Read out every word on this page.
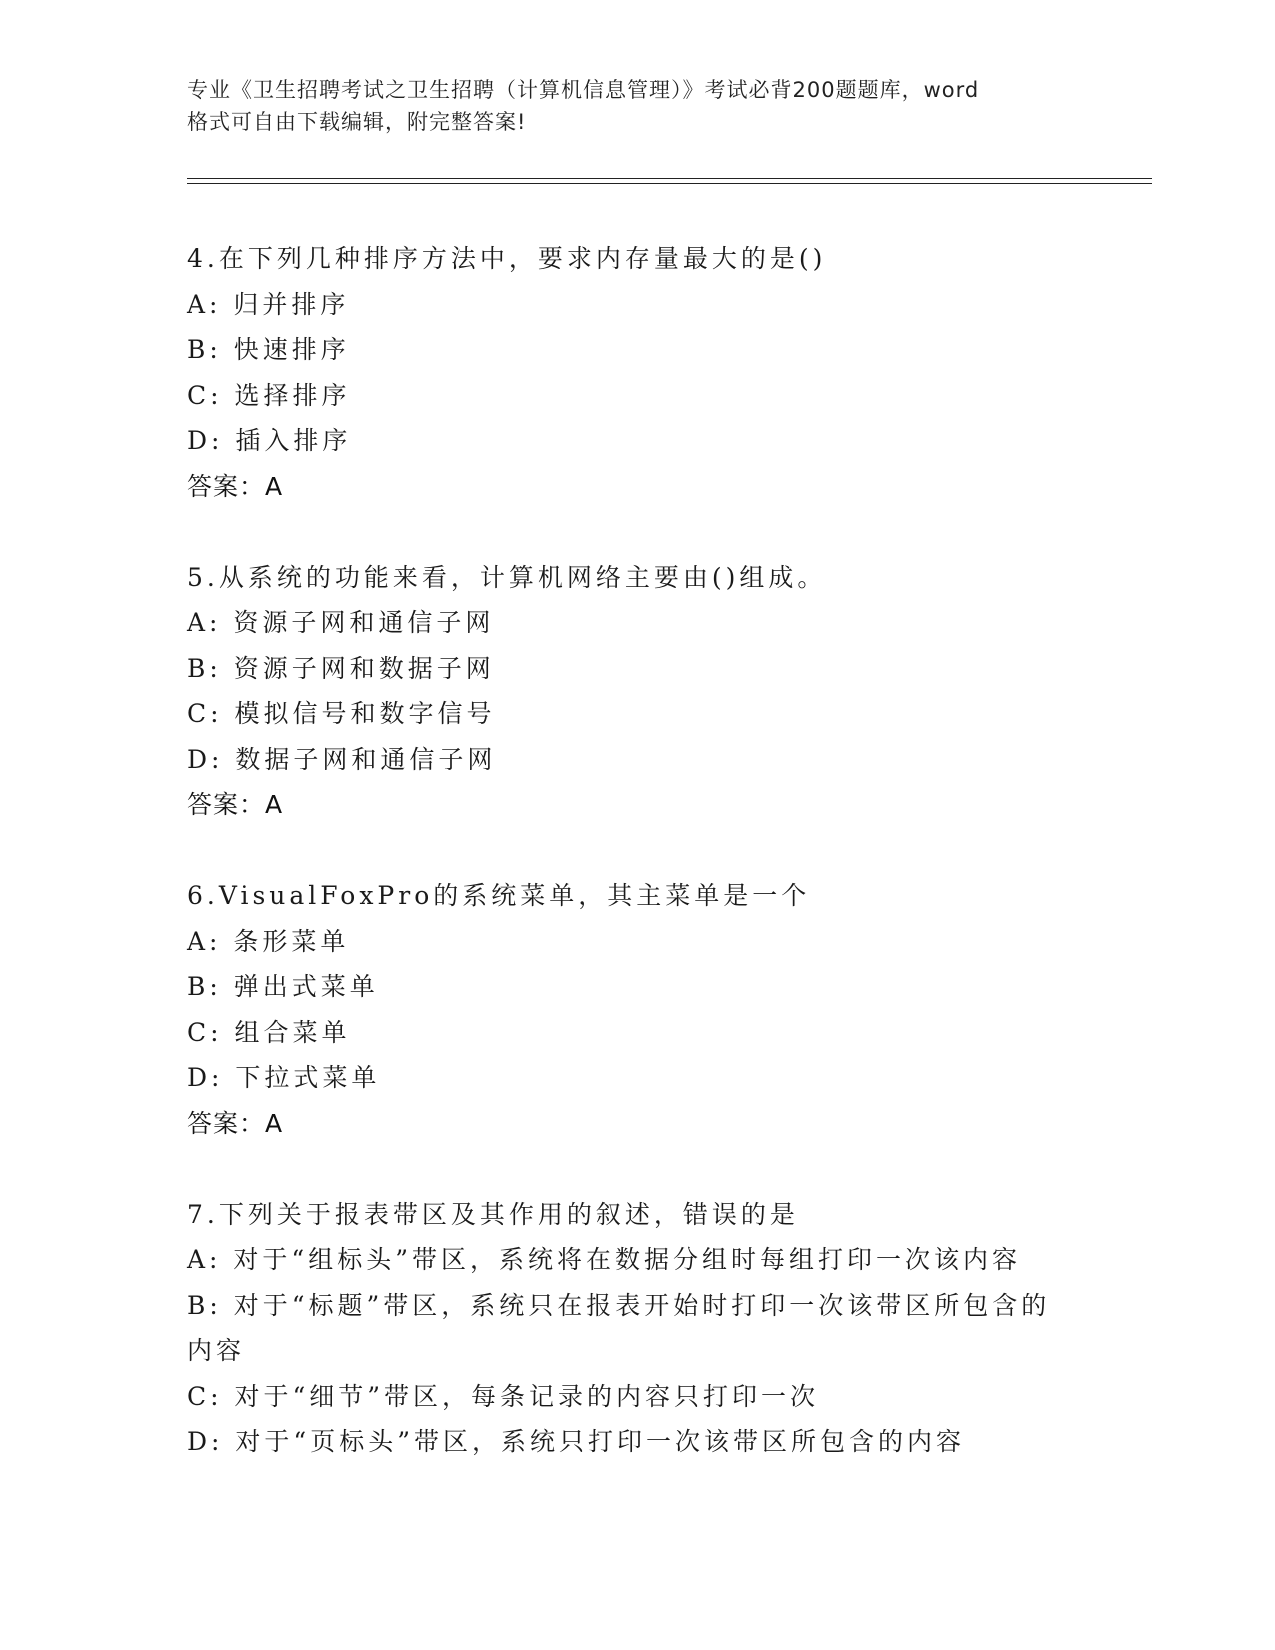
专业《卫生招聘考试之卫生招聘（计算机信息管理）》考试必背200题题库，word
格式可自由下载编辑，附完整答案!
4.在下列几种排序方法中，要求内存量最大的是()
A: 归并排序
B: 快速排序
C: 选择排序
D: 插入排序
答案：A
5.从系统的功能来看，计算机网络主要由()组成。
A: 资源子网和通信子网
B: 资源子网和数据子网
C: 模拟信号和数字信号
D: 数据子网和通信子网
答案：A
6.VisualFoxPro的系统菜单，其主菜单是一个
A: 条形菜单
B: 弹出式菜单
C: 组合菜单
D: 下拉式菜单
答案：A
7.下列关于报表带区及其作用的叙述，错误的是
A: 对于“组标头”带区，系统将在数据分组时每组打印一次该内容
B: 对于“标题”带区，系统只在报表开始时打印一次该带区所包含的
内容
C: 对于“细节”带区，每条记录的内容只打印一次
D: 对于“页标头”带区，系统只打印一次该带区所包含的内容
